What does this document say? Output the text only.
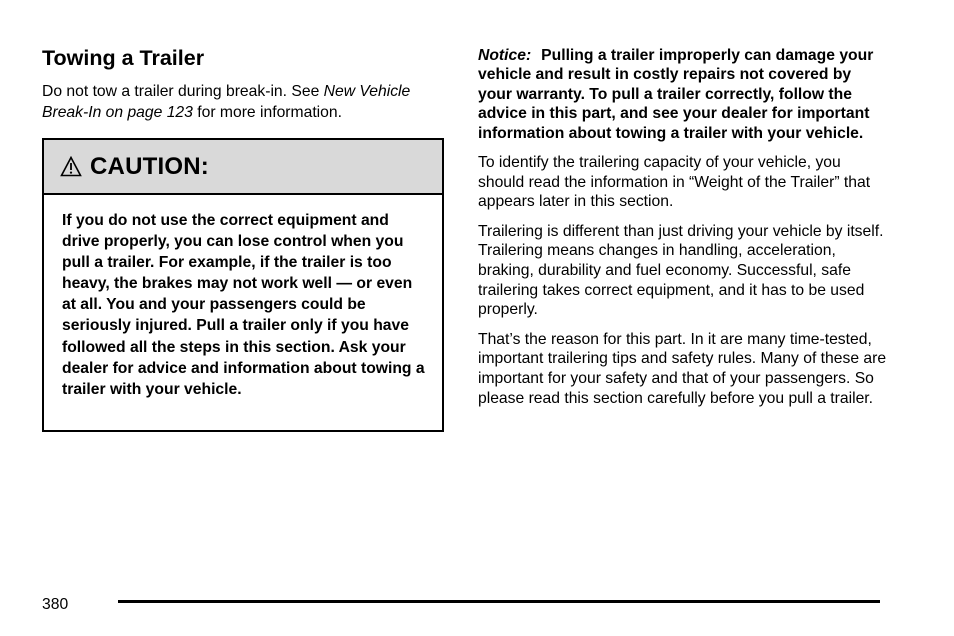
Towing a Trailer

Do not tow a trailer during break-in. See New Vehicle Break-In on page 123 for more information.

CAUTION:
If you do not use the correct equipment and drive properly, you can lose control when you pull a trailer. For example, if the trailer is too heavy, the brakes may not work well — or even at all. You and your passengers could be seriously injured. Pull a trailer only if you have followed all the steps in this section. Ask your dealer for advice and information about towing a trailer with your vehicle.

Notice: Pulling a trailer improperly can damage your vehicle and result in costly repairs not covered by your warranty. To pull a trailer correctly, follow the advice in this part, and see your dealer for important information about towing a trailer with your vehicle.

To identify the trailering capacity of your vehicle, you should read the information in “Weight of the Trailer” that appears later in this section.

Trailering is different than just driving your vehicle by itself. Trailering means changes in handling, acceleration, braking, durability and fuel economy. Successful, safe trailering takes correct equipment, and it has to be used properly.

That’s the reason for this part. In it are many time-tested, important trailering tips and safety rules. Many of these are important for your safety and that of your passengers. So please read this section carefully before you pull a trailer.

380
